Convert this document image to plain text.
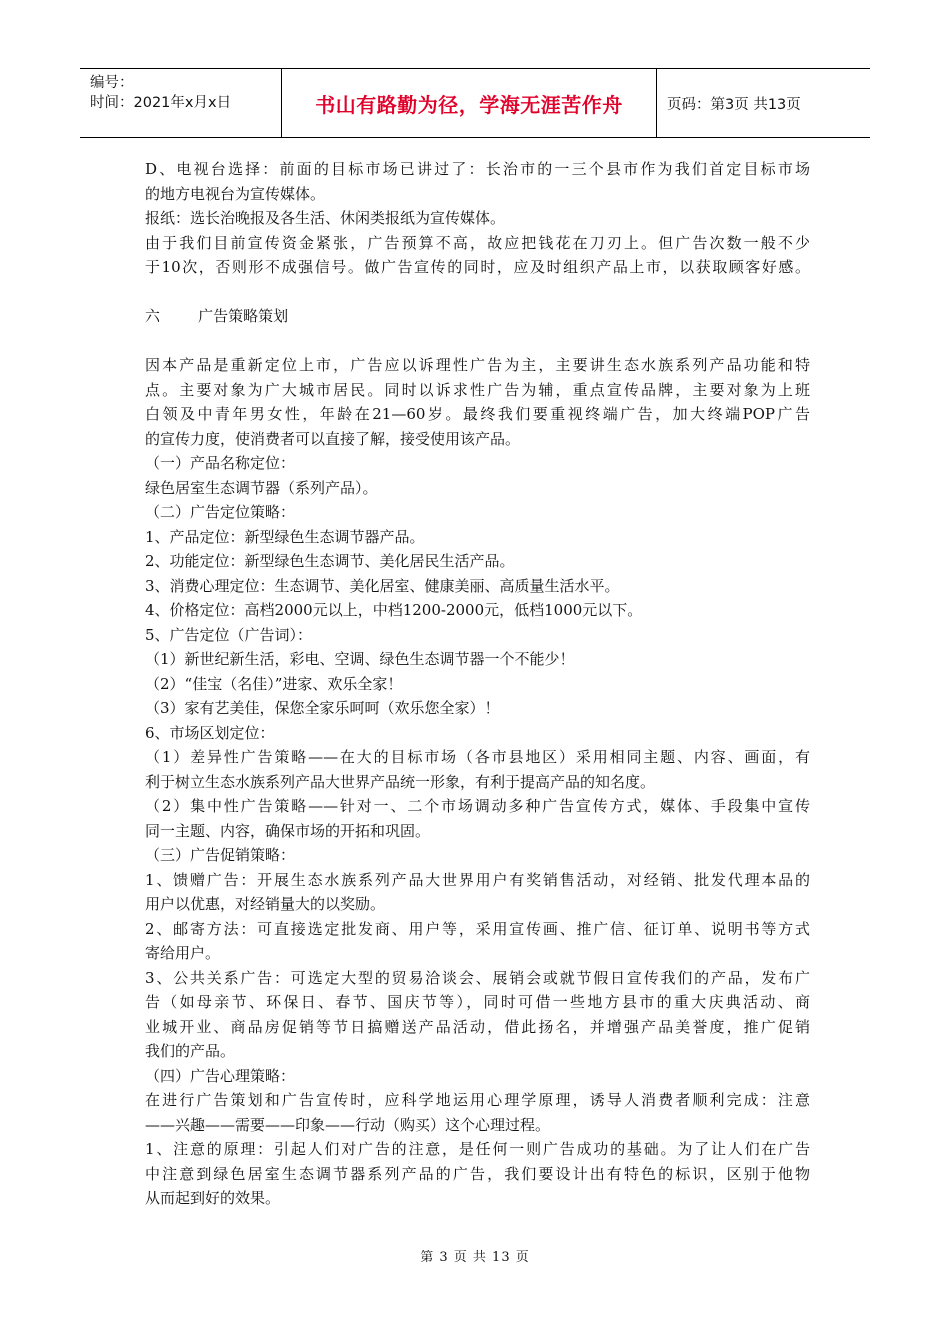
编号：
时间：2021年x月x日	书山有路勤为径，学海无涯苦作舟	页码：第3页 共13页

D、电视台选择：前面的目标市场已讲过了：长治市的一三个县市作为我们首定目标市场

的地方电视台为宣传媒体。

报纸：选长治晚报及各生活、休闲类报纸为宣传媒体。

由于我们目前宣传资金紧张，广告预算不高，故应把钱花在刀刃上。但广告次数一般不少

于10次，否则形不成强信号。做广告宣传的同时，应及时组织产品上市，以获取顾客好感。

六        广告策略策划

因本产品是重新定位上市，广告应以诉理性广告为主，主要讲生态水族系列产品功能和特

点。主要对象为广大城市居民。同时以诉求性广告为辅，重点宣传品牌，主要对象为上班

白领及中青年男女性，年龄在21—60岁。最终我们要重视终端广告，加大终端POP广告

的宣传力度，使消费者可以直接了解，接受使用该产品。

（一）产品名称定位：

绿色居室生态调节器（系列产品）。

（二）广告定位策略：

1、产品定位：新型绿色生态调节器产品。

2、功能定位：新型绿色生态调节、美化居民生活产品。

3、消费心理定位：生态调节、美化居室、健康美丽、高质量生活水平。

4、价格定位：高档2000元以上，中档1200-2000元，低档1000元以下。

5、广告定位（广告词）：

（1）新世纪新生活，彩电、空调、绿色生态调节器一个不能少！

（2）“佳宝（名佳）”进家、欢乐全家！

（3）家有艺美佳，保您全家乐呵呵（欢乐您全家）！

6、市场区划定位：

（1）差异性广告策略——在大的目标市场（各市县地区）采用相同主题、内容、画面，有

利于树立生态水族系列产品大世界产品统一形象，有利于提高产品的知名度。

（2）集中性广告策略——针对一、二个市场调动多种广告宣传方式，媒体、手段集中宣传

同一主题、内容，确保市场的开拓和巩固。

（三）广告促销策略：

1、馈赠广告：开展生态水族系列产品大世界用户有奖销售活动，对经销、批发代理本品的

用户以优惠，对经销量大的以奖励。

2、邮寄方法：可直接选定批发商、用户等，采用宣传画、推广信、征订单、说明书等方式

寄给用户。

3、公共关系广告：可选定大型的贸易洽谈会、展销会或就节假日宣传我们的产品，发布广

告（如母亲节、环保日、春节、国庆节等），同时可借一些地方县市的重大庆典活动、商

业城开业、商品房促销等节日搞赠送产品活动，借此扬名，并增强产品美誉度，推广促销

我们的产品。

（四）广告心理策略：

在进行广告策划和广告宣传时，应科学地运用心理学原理，诱导人消费者顺利完成：注意

——兴趣——需要——印象——行动（购买）这个心理过程。

1、注意的原理：引起人们对广告的注意，是任何一则广告成功的基础。为了让人们在广告

中注意到绿色居室生态调节器系列产品的广告，我们要设计出有特色的标识，区别于他物

从而起到好的效果。

第 3 页 共 13 页
